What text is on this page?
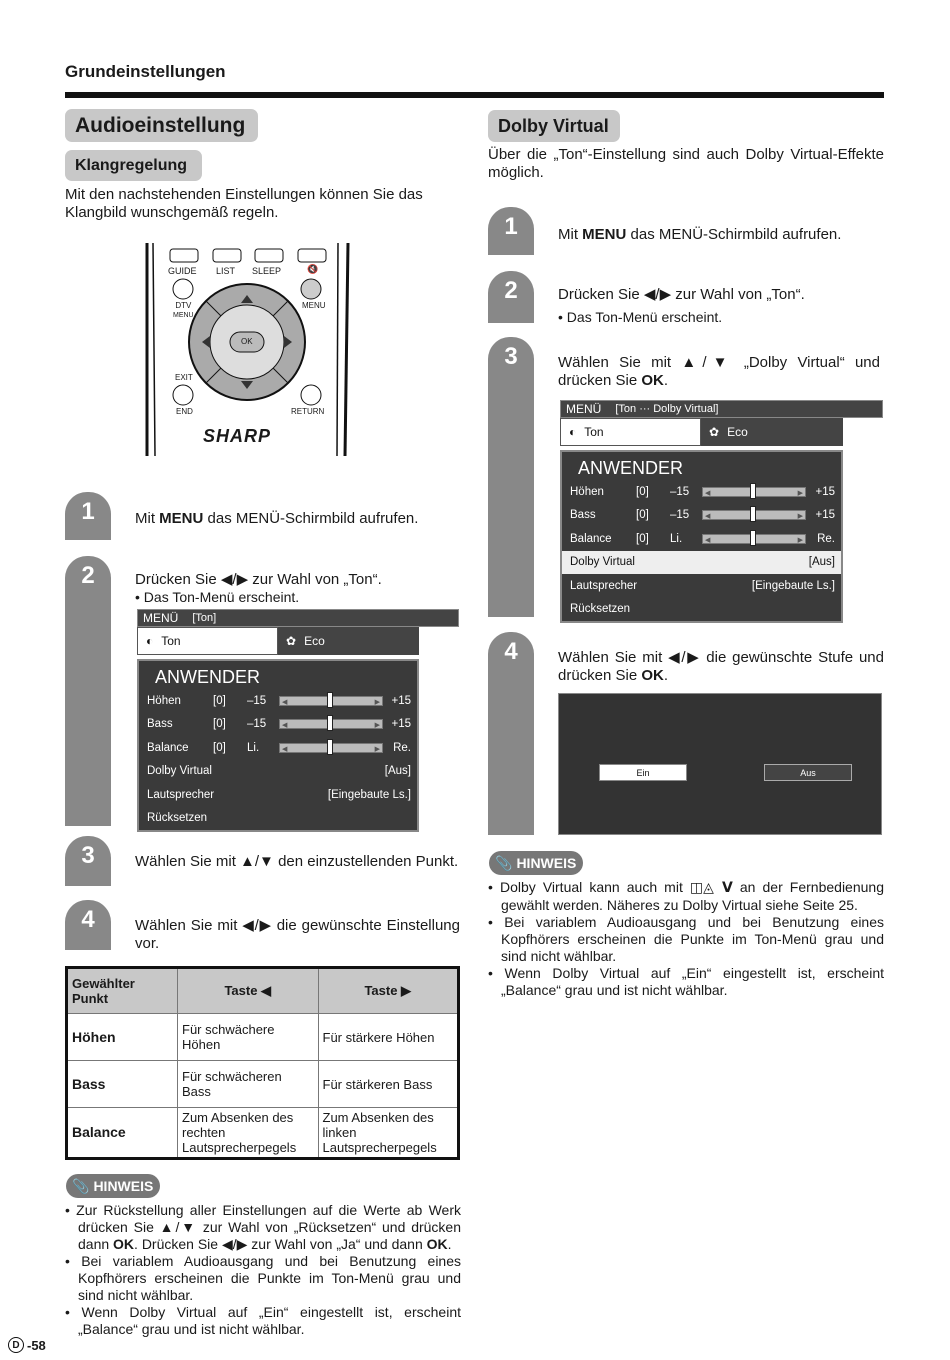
Grundeinstellungen
Audioeinstellung
Klangregelung
Mit den nachstehenden Einstellungen können Sie das Klangbild wunschgemäß regeln.
GUIDE LIST SLEEP	🔇
DTV
MENU
MENU
OK
EXIT
END	RETURN
SHARP
1	Mit MENU das MENÜ-Schirmbild aufrufen.
2	Drücken Sie ◀/▶ zur Wahl von „Ton“.
• Das Ton-Menü erscheint.
MENÜ [Ton]
◐ Ton	✿ Eco
ANWENDER
Höhen	[0]	–15	◀	▶ +15
Bass	[0]	–15	◀	▶ +15
Balance	[0]	Li.	◀	▶ Re.
Dolby Virtual	[Aus]
Lautsprecher	[Eingebaute Ls.]
Rücksetzen
3	Wählen Sie mit ▲/▼ den einzustellenden Punkt.
4	Wählen Sie mit ◀/▶ die gewünschte Einstellung vor.
Gewählter Punkt	Taste ◀	Taste ▶
Höhen	Für schwächere Höhen	Für stärkere Höhen
Bass	Für schwächeren Bass	Für stärkeren Bass
Balance	Zum Absenken des rechten Lautsprecherpegels	Zum Absenken des linken Lautsprecherpegels
📎 HINWEIS
• Zur Rückstellung aller Einstellungen auf die Werte ab Werk drücken Sie ▲/▼ zur Wahl von „Rücksetzen“ und drücken dann OK. Drücken Sie ◀/▶ zur Wahl von „Ja“ und dann OK.
• Bei variablem Audioausgang und bei Benutzung eines Kopfhörers erscheinen die Punkte im Ton-Menü grau und sind nicht wählbar.
• Wenn Dolby Virtual auf „Ein“ eingestellt ist, erscheint „Balance“ grau und ist nicht wählbar.
D -58
Dolby Virtual
Über die „Ton“-Einstellung sind auch Dolby Virtual-Effekte möglich.
1	Mit MENU das MENÜ-Schirmbild aufrufen.
2	Drücken Sie ◀/▶ zur Wahl von „Ton“.
• Das Ton-Menü erscheint.
3	Wählen Sie mit ▲/▼ „Dolby Virtual“ und drücken Sie OK.
MENÜ [Ton ··· Dolby Virtual]
◐ Ton	✿ Eco
ANWENDER
Höhen	[0]	–15	◀	▶ +15
Bass	[0]	–15	◀	▶ +15
Balance	[0]	Li.	◀	▶ Re.
Dolby Virtual	[Aus]
Lautsprecher	[Eingebaute Ls.]
Rücksetzen
4	Wählen Sie mit ◀/▶ die gewünschte Stufe und drücken Sie OK.
Ein	Aus
📎 HINWEIS
• Dolby Virtual kann auch mit ◫◬ V an der Fernbedienung gewählt werden. Näheres zu Dolby Virtual siehe Seite 25.
• Bei variablem Audioausgang und bei Benutzung eines Kopfhörers erscheinen die Punkte im Ton-Menü grau und sind nicht wählbar.
• Wenn Dolby Virtual auf „Ein“ eingestellt ist, erscheint „Balance“ grau und ist nicht wählbar.
